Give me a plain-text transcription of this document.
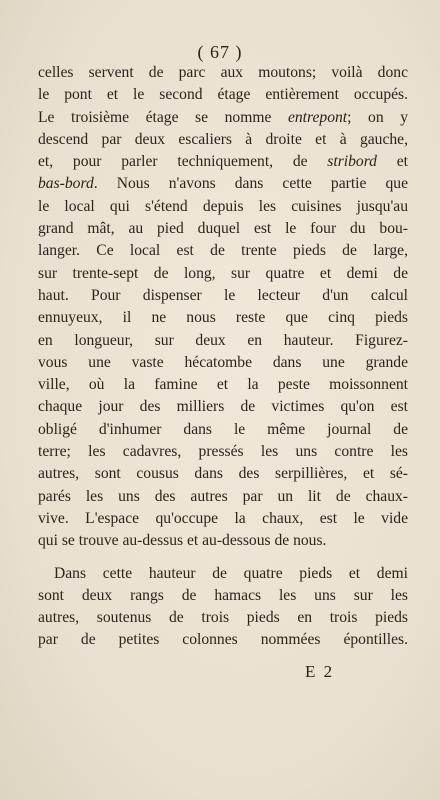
( 67 )
celles servent de parc aux moutons; voilà donc
le pont et le second étage entièrement occupés.
Le troisième étage se nomme entrepont; on y
descend par deux escaliers à droite et à gauche,
et, pour parler techniquement, de stribord et
bas-bord. Nous n'avons dans cette partie que
le local qui s'étend depuis les cuisines jusqu'au
grand mât, au pied duquel est le four du bou-
langer. Ce local est de trente pieds de large,
sur trente-sept de long, sur quatre et demi de
haut. Pour dispenser le lecteur d'un calcul
ennuyeux, il ne nous reste que cinq pieds
en longueur, sur deux en hauteur. Figurez-
vous une vaste hécatombe dans une grande
ville, où la famine et la peste moissonnent
chaque jour des milliers de victimes qu'on est
obligé d'inhumer dans le même journal de
terre; les cadavres, pressés les uns contre les
autres, sont cousus dans des serpillières, et sé-
parés les uns des autres par un lit de chaux-
vive. L'espace qu'occupe la chaux, est le vide
qui se trouve au-dessus et au-dessous de nous.
Dans cette hauteur de quatre pieds et demi
sont deux rangs de hamacs les uns sur les
autres, soutenus de trois pieds en trois pieds
par de petites colonnes nommées épontilles.
E 2
